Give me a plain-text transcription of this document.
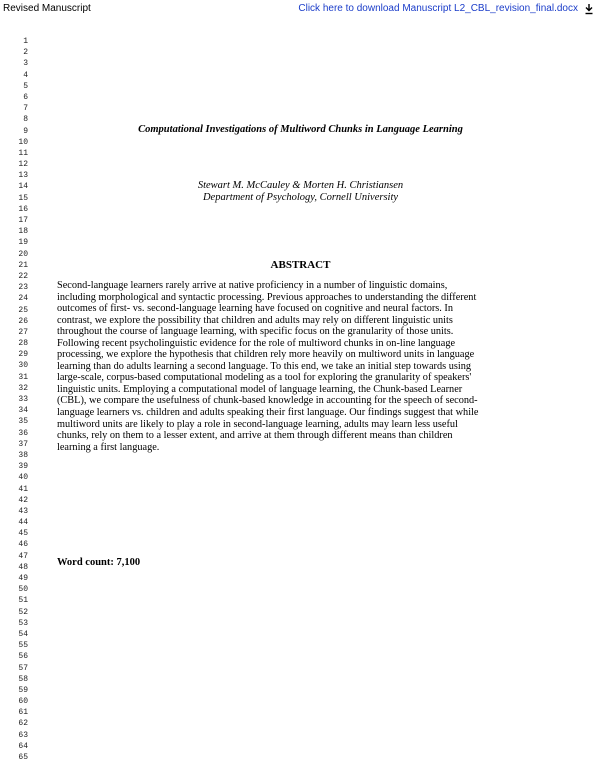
Revised Manuscript	Click here to download Manuscript L2_CBL_revision_final.docx
1
2
3
4
5
6
7
8
9
10
11
12
13
14
15
16
17
18
19
20
21
22
23
24
25
26
27
28
29
30
31
32
33
34
35
36
37
38
39
40
41
42
43
44
45
46
47
48
49
50
51
52
53
54
55
56
57
58
59
60
61
62
63
64
65
Computational Investigations of Multiword Chunks in Language Learning
Stewart M. McCauley & Morten H. Christiansen
Department of Psychology, Cornell University
ABSTRACT
Second-language learners rarely arrive at native proficiency in a number of linguistic domains,
including morphological and syntactic processing. Previous approaches to understanding the different
outcomes of first- vs. second-language learning have focused on cognitive and neural factors. In
contrast, we explore the possibility that children and adults may rely on different linguistic units
throughout the course of language learning, with specific focus on the granularity of those units.
Following recent psycholinguistic evidence for the role of multiword chunks in on-line language
processing, we explore the hypothesis that children rely more heavily on multiword units in language
learning than do adults learning a second language. To this end, we take an initial step towards using
large-scale, corpus-based computational modeling as a tool for exploring the granularity of speakers'
linguistic units. Employing a computational model of language learning, the Chunk-based Learner
(CBL), we compare the usefulness of chunk-based knowledge in accounting for the speech of second-
language learners vs. children and adults speaking their first language. Our findings suggest that while
multiword units are likely to play a role in second-language learning, adults may learn less useful
chunks, rely on them to a lesser extent, and arrive at them through different means than children
learning a first language.
Word count: 7,100
